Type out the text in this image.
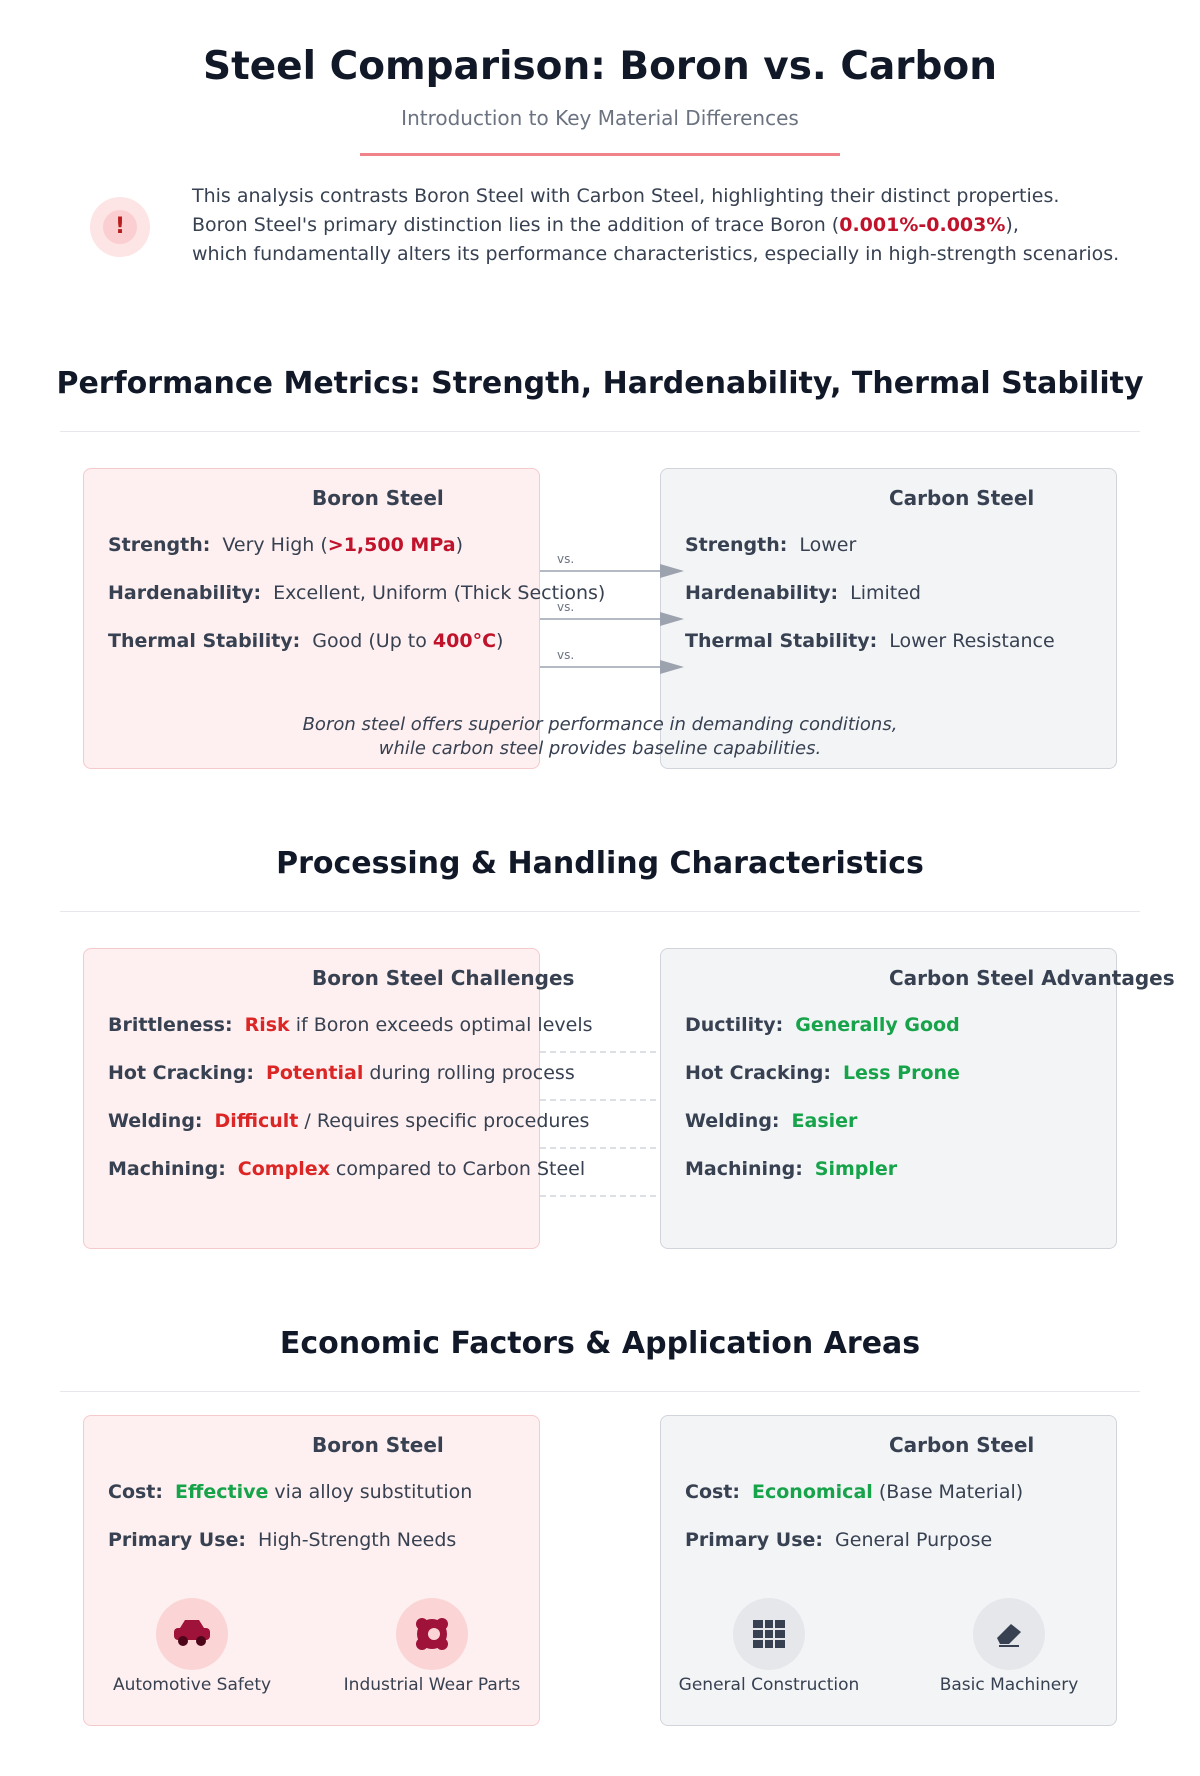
Steel Comparison: Boron vs. Carbon
Introduction to Key Material Differences
!
This analysis contrasts Boron Steel with Carbon Steel, highlighting their distinct properties.
Boron Steel's primary distinction lies in the addition of trace Boron (0.001%-0.003%),
which fundamentally alters its performance characteristics, especially in high-strength scenarios.
Performance Metrics: Strength, Hardenability, Thermal Stability
Boron Steel	Carbon Steel
Strength: Very High (>1,500 MPa)
Hardenability: Excellent, Uniform (Thick Sections)
Thermal Stability: Good (Up to 400°C)
Strength: Lower
Hardenability: Limited
Thermal Stability: Lower Resistance
vs.
vs.
vs.
Boron steel offers superior performance in demanding conditions,
while carbon steel provides baseline capabilities.
Processing & Handling Characteristics
Boron Steel Challenges	Carbon Steel Advantages
Brittleness: Risk if Boron exceeds optimal levels
Hot Cracking: Potential during rolling process
Welding: Difficult / Requires specific procedures
Machining: Complex compared to Carbon Steel
Ductility: Generally Good
Hot Cracking: Less Prone
Welding: Easier
Machining: Simpler
Economic Factors & Application Areas
Boron Steel	Carbon Steel
Cost: Effective via alloy substitution
Primary Use: High-Strength Needs
Cost: Economical (Base Material)
Primary Use: General Purpose
Automotive Safety	Industrial Wear Parts	General Construction	Basic Machinery
